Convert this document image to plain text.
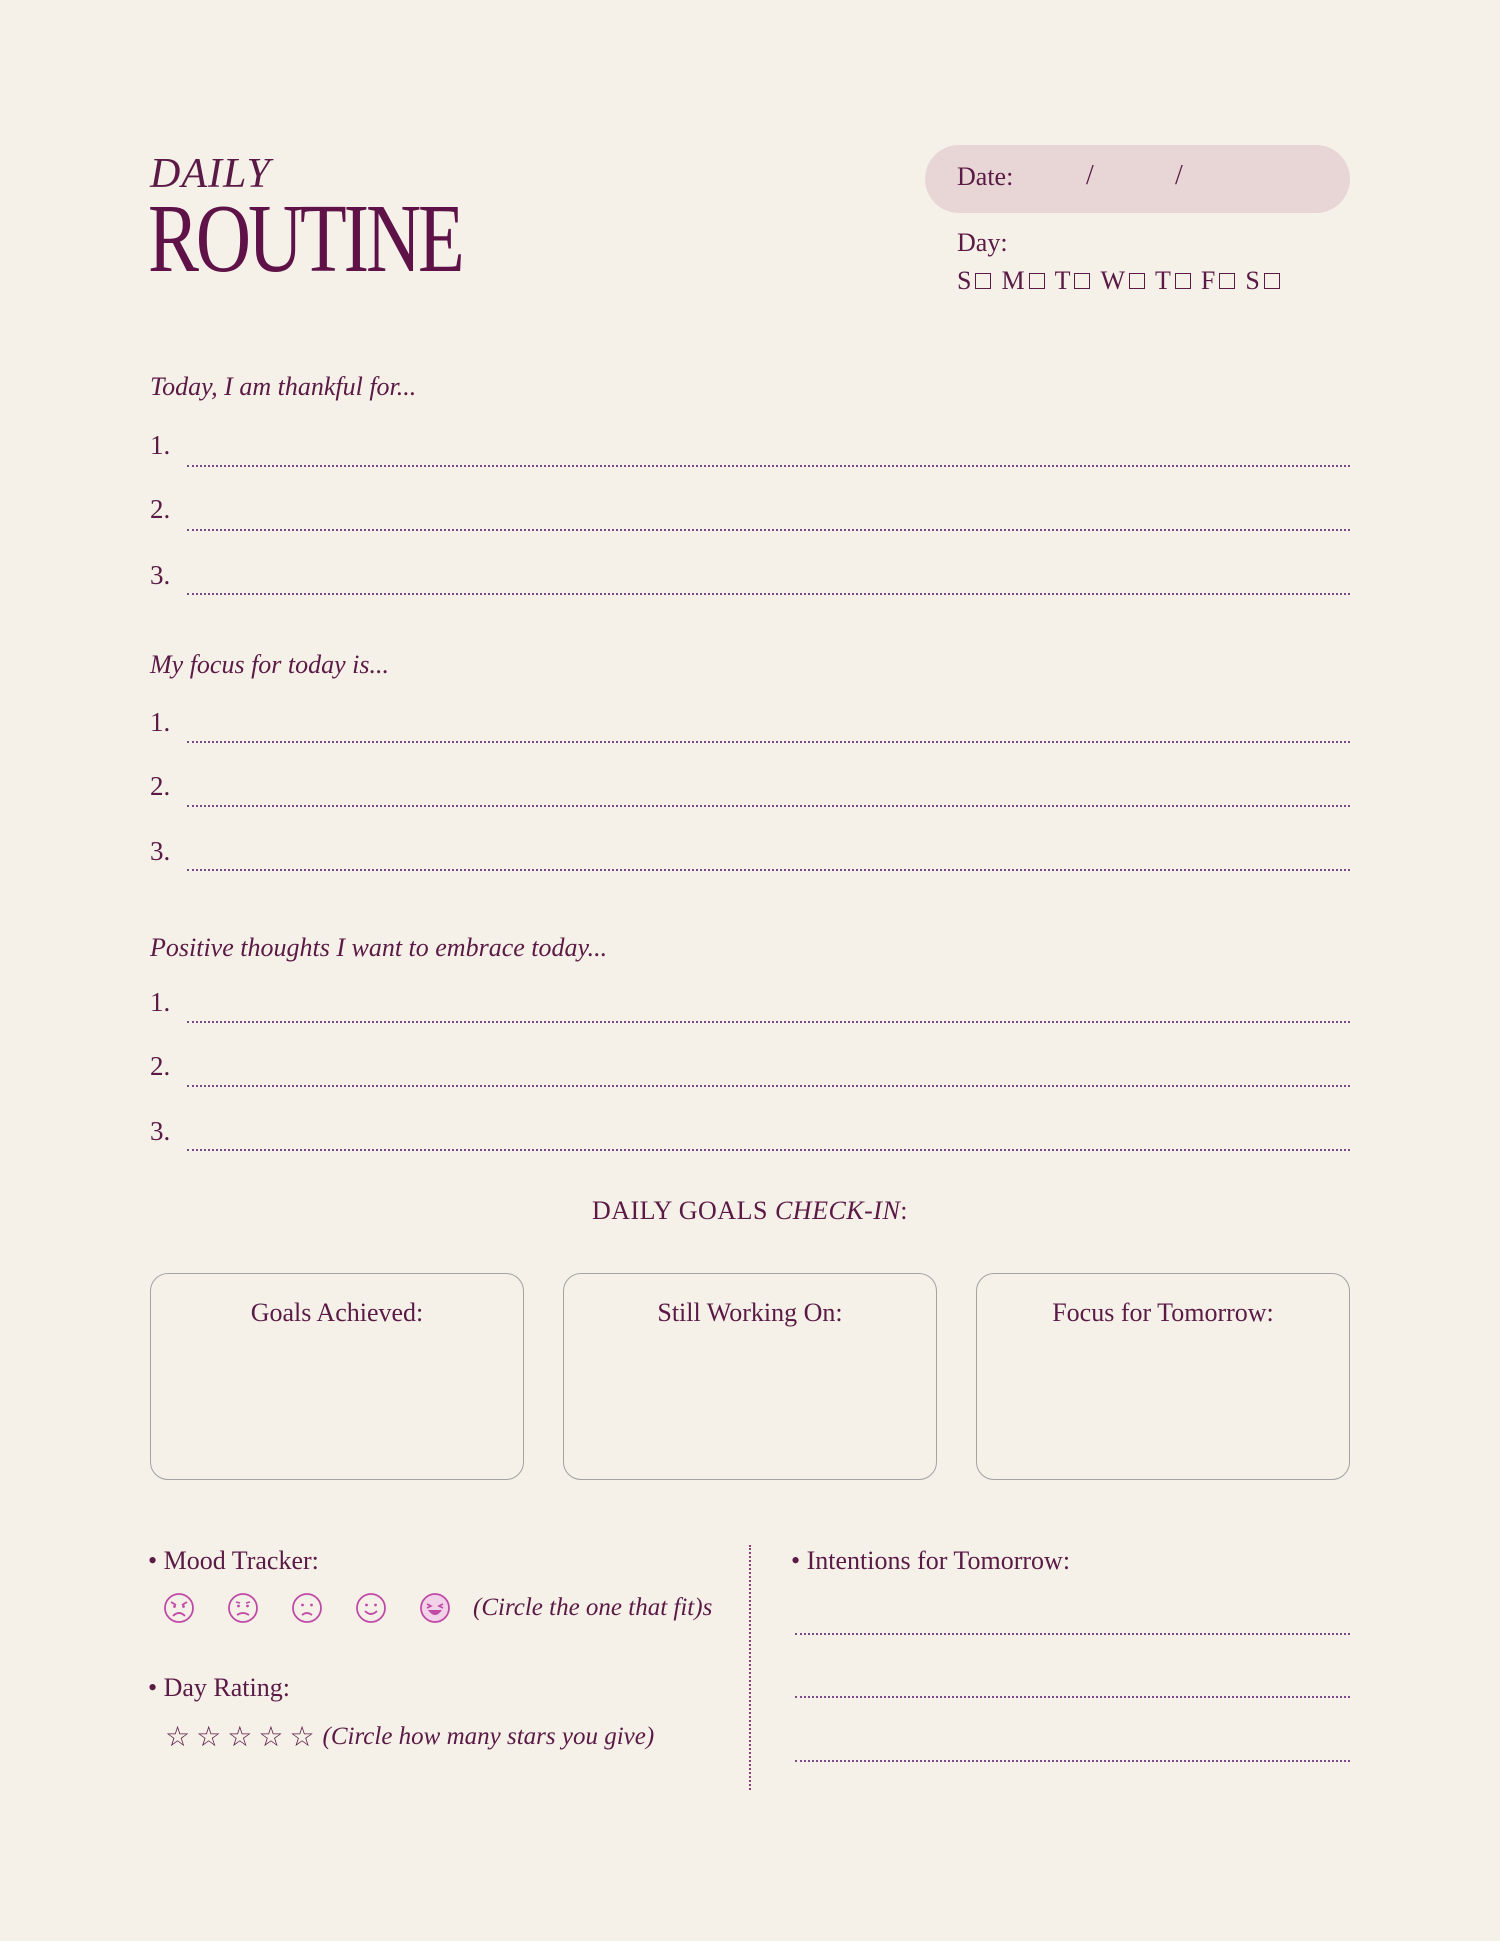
DAILY
ROUTINE
Date:	/	/
Day:
S M T W T F S
Today, I am thankful for...
1.
2.
3.
My focus for today is...
1.
2.
3.
Positive thoughts I want to embrace today...
1.
2.
3.
DAILY GOALS CHECK-IN:
Goals Achieved:	Still Working On:	Focus for Tomorrow:
• Mood Tracker:
(Circle the one that fit)s
• Day Rating:
☆ ☆ ☆ ☆ ☆ (Circle how many stars you give)
• Intentions for Tomorrow:
